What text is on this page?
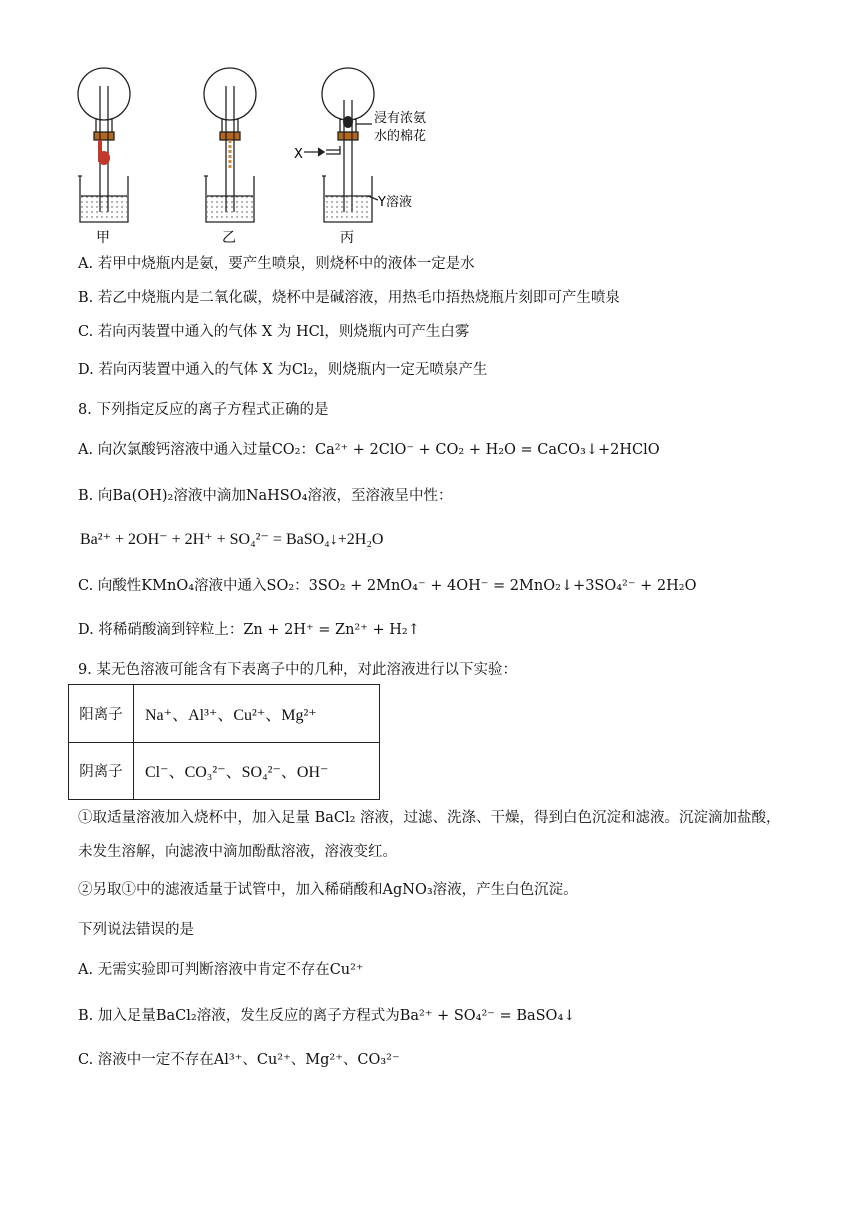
浸有浓氨
水的棉花
X
Y溶液
甲	乙	丙
A. 若甲中烧瓶内是氨，要产生喷泉，则烧杯中的液体一定是水
B. 若乙中烧瓶内是二氧化碳，烧杯中是碱溶液，用热毛巾捂热烧瓶片刻即可产生喷泉
C. 若向丙装置中通入的气体 X 为 HCl，则烧瓶内可产生白雾
D. 若向丙装置中通入的气体 X 为Cl₂，则烧瓶内一定无喷泉产生
8. 下列指定反应的离子方程式正确的是
A. 向次氯酸钙溶液中通入过量CO₂：Ca²⁺ + 2ClO⁻ + CO₂ + H₂O = CaCO₃↓+2HClO
B. 向Ba(OH)₂溶液中滴加NaHSO₄溶液，至溶液呈中性：
Ba²⁺ + 2OH⁻ + 2H⁺ + SO₄²⁻ = BaSO₄↓+2H₂O
C. 向酸性KMnO₄溶液中通入SO₂：3SO₂ + 2MnO₄⁻ + 4OH⁻ = 2MnO₂↓+3SO₄²⁻ + 2H₂O
D. 将稀硝酸滴到锌粒上：Zn + 2H⁺ = Zn²⁺ + H₂↑
9. 某无色溶液可能含有下表离子中的几种，对此溶液进行以下实验：
阳离子	Na⁺、Al³⁺、Cu²⁺、Mg²⁺
阴离子	Cl⁻、CO₃²⁻、SO₄²⁻、OH⁻
①取适量溶液加入烧杯中，加入足量 BaCl₂ 溶液，过滤、洗涤、干燥，得到白色沉淀和滤液。沉淀滴加盐酸，
未发生溶解，向滤液中滴加酚酞溶液，溶液变红。
②另取①中的滤液适量于试管中，加入稀硝酸和AgNO₃溶液，产生白色沉淀。
下列说法错误的是
A. 无需实验即可判断溶液中肯定不存在Cu²⁺
B. 加入足量BaCl₂溶液，发生反应的离子方程式为Ba²⁺ + SO₄²⁻ = BaSO₄↓
C. 溶液中一定不存在Al³⁺、Cu²⁺、Mg²⁺、CO₃²⁻
